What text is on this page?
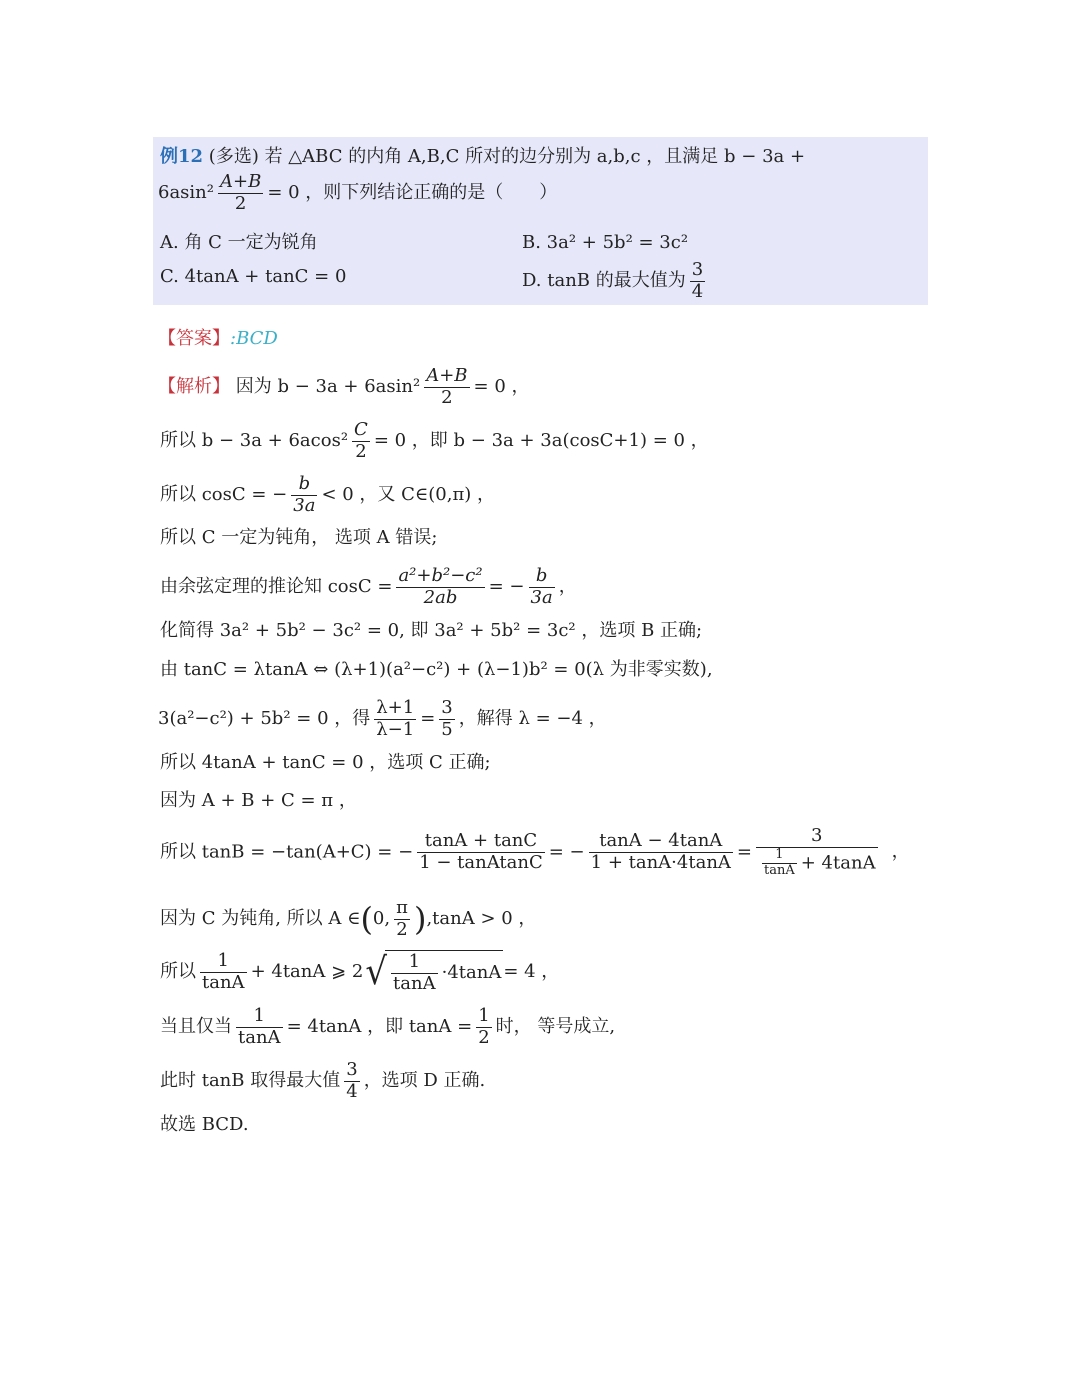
例12 (多选) 若 △ABC 的内角 A,B,C 所对的边分别为 a,b,c ，且满足 b − 3a +
$6asin^2 \frac{A+B}{2} = 0$ ，则下列结论正确的是（　　）
A. 角 C 一定为锐角	B. 3a² + 5b² = 3c²
C. 4tanA + tanC = 0	D. tanB 的最大值为 $\frac{3}{4}$
【答案】:BCD
【解析】 因为 $b - 3a + 6asin^2 \frac{A+B}{2} = 0$ ，
所以 $b - 3a + 6acos^2 \frac{C}{2} = 0$ ，即 b − 3a + 3a(cosC+1) = 0 ，
所以 cosC = − $\frac{b}{3a} < 0$ ，又 C∈(0,π) ，
所以 C 一定为钝角， 选项 A 错误;
由余弦定理的推论知 $\cos C = \frac{\text{a²+b²−c²}}{2ab}$ = − $\frac{b}{3a}$ ，
化简得 3a² + 5b² − 3c² = 0, 即 3a² + 5b² = 3c² ，选项 B 正确;
由 tanC = λtanA ⇔ (λ+1)(a²−c²) + (λ−1)b² = 0(λ 为非零实数),
3(a²−c²) + 5b² = 0 ，得 $\frac{\lambda+1}{\lambda-1} = \frac{3}{5}$ ，解得 λ = −4 ，
所以 4tanA + tanC = 0 ，选项 C 正确;
因为 A + B + C = π ，
所以 tanB = −tan(A+C) = − $\frac{\tan A + \tan C}{\text{1 − tanAtanC}}$ = − $\frac{\tan A - 4\tan A}{1 + \tan A\cdot 4\tan A} = \frac{3}{\frac{1}{\tan A} + 4\tan A}$ ，
因为 C 为钝角, 所以 A ∈(0, $\frac{\pi}{2} ),\tan A > 0$ ，
所以 $\frac{1}{\tan A} + 4\tan A$ ⩾ $2√ \frac{1}{\tan A} \cdot 4\tan A = 4$ ，
当且仅当 $\frac{1}{\tan A} = 4\tan A$ ，即 $\tan A = \frac{1}{2}$ 时， 等号成立,
此时 tanB 取得最大值 $\frac{3}{4}$ ，选项 D 正确.
故选 BCD.
